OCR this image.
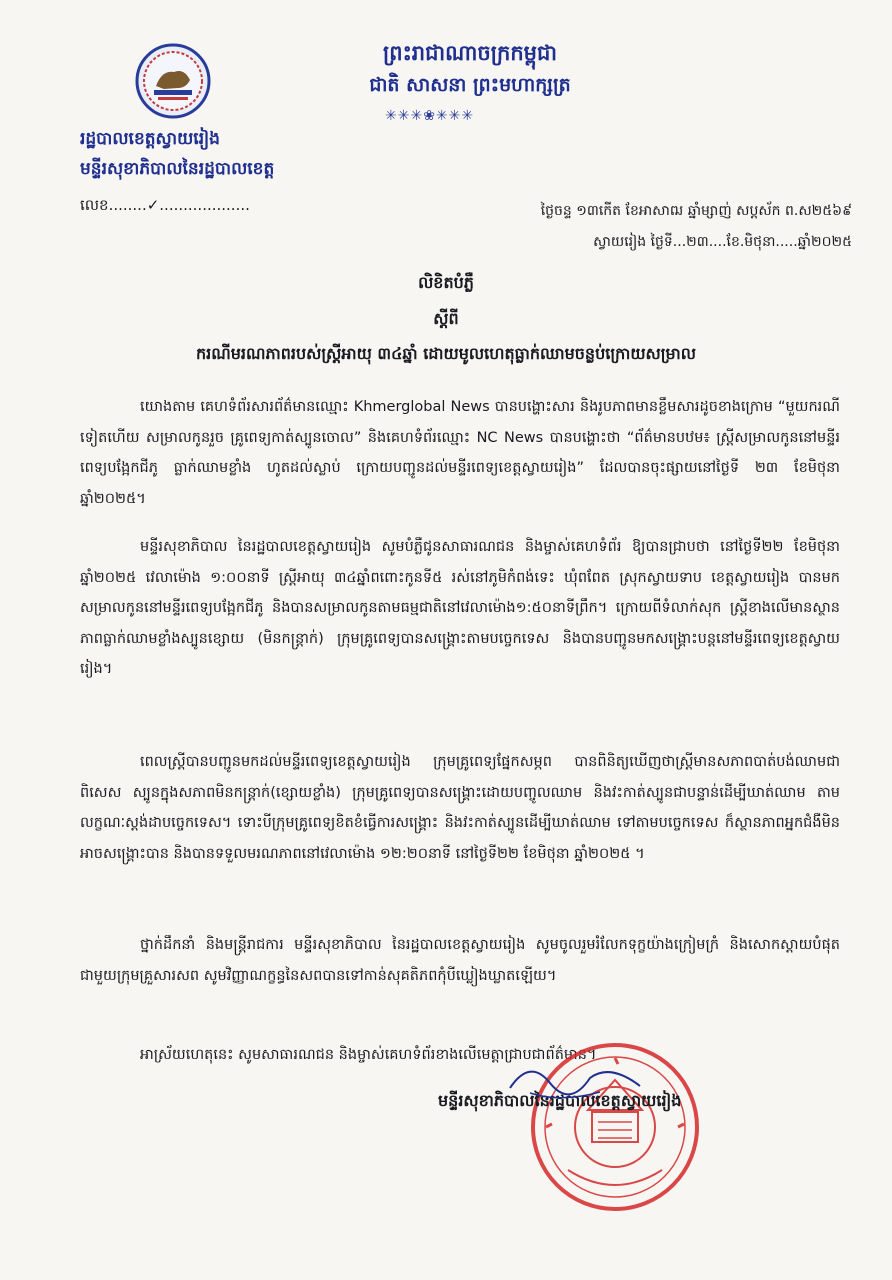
ព្រះរាជាណាចក្រកម្ពុជា
ជាតិ សាសនា ព្រះមហាក្សត្រ
✳✳✳❀✳✳✳
រដ្ឋបាលខេត្តស្វាយរៀង
មន្ទីរសុខាភិបាលនៃរដ្ឋបាលខេត្ត
លេខ........✓...................	ថ្ងៃចន្ទ ១៣កើត ខែអាសាឍ ឆ្នាំម្សាញ់ សប្តស័ក ព.ស២៥៦៩
ស្វាយរៀង ថ្ងៃទី...២៣....ខែ.មិថុនា.....ឆ្នាំ២០២៥
លិខិតបំភ្លឺ
ស្តីពី
ករណីមរណភាពរបស់ស្ត្រីអាយុ ៣៤ឆ្នាំ ដោយមូលហេតុធ្លាក់ឈាមចន្លប់ក្រោយសម្រាល

យោងតាម គេហទំព័រសារព័ត៌មានឈ្មោះ Khmerglobal News បានបង្ហោះសារ និងរូបភាពមានខ្លឹមសារដូចខាងក្រោម “មួយករណីទៀតហើយ សម្រាលកូនរួច គ្រូពេទ្យកាត់ស្បូនចោល” និងគេហទំព័រឈ្មោះ NC News បានបង្ហោះថា “ព័ត៌មានបឋម៖ ស្ត្រីសម្រាលកូននៅមន្ទីរពេទ្យបង្អែកជីភូ ធ្លាក់ឈាមខ្លាំង ហូតដល់ស្លាប់ ក្រោយបញ្ជូនដល់មន្ទីរពេទ្យខេត្តស្វាយរៀង” ដែលបានចុះផ្សាយនៅថ្ងៃទី ២៣ ខែមិថុនា ឆ្នាំ២០២៥។

មន្ទីរសុខាភិបាល នៃរដ្ឋបាលខេត្តស្វាយរៀង សូមបំភ្លឺជូនសាធារណជន និងម្ចាស់គេហទំព័រ ឱ្យបានជ្រាបថា នៅថ្ងៃទី២២ ខែមិថុនា ឆ្នាំ២០២៥ វេលាម៉ោង ១:០០នាទី ស្ត្រីអាយុ ៣៤ឆ្នាំពពោះកូនទី៥ រស់នៅភូមិកំពង់ទេះ ឃុំពពែត ស្រុកស្វាយទាប ខេត្តស្វាយរៀង បានមកសម្រាលកូននៅមន្ទីរពេទ្យបង្អែកជីភូ និងបានសម្រាលកូនតាមធម្មជាតិនៅវេលាម៉ោង១:៥០នាទីព្រឹក។ ក្រោយពីទំលាក់សុក ស្ត្រីខាងលើមានស្ថានភាពធ្លាក់ឈាមខ្លាំងស្បូនខ្សោយ (មិនកន្ត្រាក់) ក្រុមគ្រូពេទ្យបានសង្គ្រោះតាមបច្ចេកទេស និងបានបញ្ជូនមកសង្គ្រោះបន្តនៅមន្ទីរពេទ្យខេត្តស្វាយរៀង។

ពេលស្ត្រីបានបញ្ជូនមកដល់មន្ទីរពេទ្យខេត្តស្វាយរៀង ក្រុមគ្រូពេទ្យផ្នែកសម្ភព បានពិនិត្យឃើញថាស្ត្រីមានសភាពបាត់បង់ឈាមជាពិសេស ស្បូនក្នុងសភាពមិនកន្ត្រាក់(ខ្សោយខ្លាំង) ក្រុមគ្រូពេទ្យបានសង្គ្រោះដោយបញ្ចូលឈាម និងវះកាត់ស្បូនជាបន្ទាន់ដើម្បីឃាត់ឈាម តាមលក្ខណៈស្តង់ដាបច្ចេកទេស។ ទោះបីក្រុមគ្រូពេទ្យខិតខំធ្វើការសង្គ្រោះ និងវះកាត់ស្បូនដើម្បីឃាត់ឈាម ទៅតាមបច្ចេកទេស ក៏ស្ថានភាពអ្នកជំងឺមិនអាចសង្គ្រោះបាន និងបានទទួលមរណភាពនៅវេលាម៉ោង ១២:២០នាទី នៅថ្ងៃទី២២ ខែមិថុនា ឆ្នាំ២០២៥ ។

ថ្នាក់ដឹកនាំ និងមន្ត្រីរាជការ មន្ទីរសុខាភិបាល នៃរដ្ឋបាលខេត្តស្វាយរៀង សូមចូលរួមរំលែកទុក្ខយ៉ាងក្រៀមក្រំ និងសោកស្តាយបំផុតជាមួយក្រុមគ្រួសារសព សូមវិញ្ញាណក្ខន្ធនៃសពបានទៅកាន់សុគតិភពកុំបីឃ្លៀងឃ្លាតឡើយ។

អាស្រ័យហេតុនេះ សូមសាធារណជន និងម្ចាស់គេហទំព័រខាងលើមេត្តាជ្រាបជាព័ត៌មាន។

មន្ទីរសុខាភិបាលនៃរដ្ឋបាលខេត្តស្វាយរៀង
